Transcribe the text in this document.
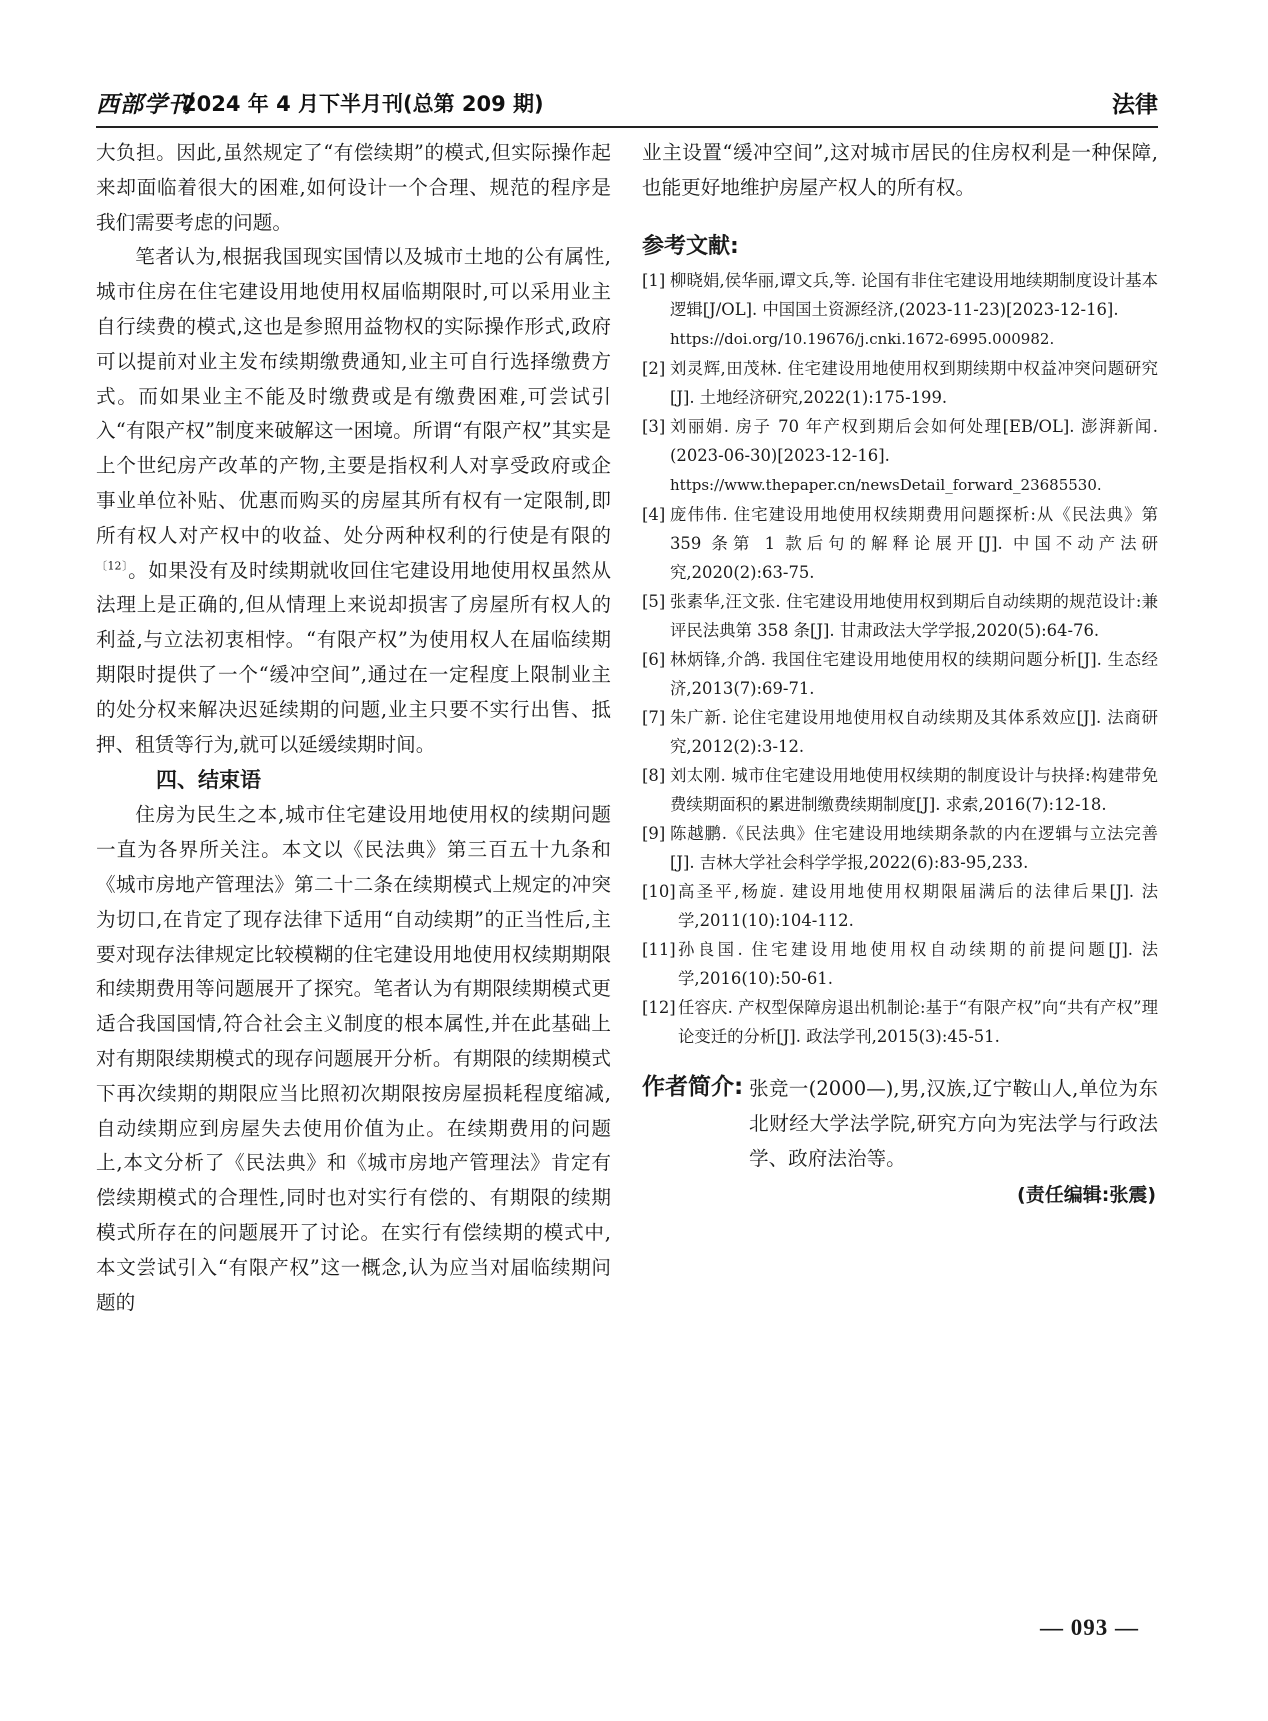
西部学刊
2024 年 4 月下半月刊(总第 209 期)	法律

大负担。因此,虽然规定了“有偿续期”的模式,但实际操作起来却面临着很大的困难,如何设计一个合理、规范的程序是我们需要考虑的问题。

笔者认为,根据我国现实国情以及城市土地的公有属性,城市住房在住宅建设用地使用权届临期限时,可以采用业主自行续费的模式,这也是参照用益物权的实际操作形式,政府可以提前对业主发布续期缴费通知,业主可自行选择缴费方式。而如果业主不能及时缴费或是有缴费困难,可尝试引入“有限产权”制度来破解这一困境。所谓“有限产权”其实是上个世纪房产改革的产物,主要是指权利人对享受政府或企事业单位补贴、优惠而购买的房屋其所有权有一定限制,即所有权人对产权中的收益、处分两种权利的行使是有限的$^{〔12〕}$。如果没有及时续期就收回住宅建设用地使用权虽然从法理上是正确的,但从情理上来说却损害了房屋所有权人的利益,与立法初衷相悖。“有限产权”为使用权人在届临续期期限时提供了一个“缓冲空间”,通过在一定程度上限制业主的处分权来解决迟延续期的问题,业主只要不实行出售、抵押、租赁等行为,就可以延缓续期时间。

四、结束语

住房为民生之本,城市住宅建设用地使用权的续期问题一直为各界所关注。本文以《民法典》第三百五十九条和《城市房地产管理法》第二十二条在续期模式上规定的冲突为切口,在肯定了现存法律下适用“自动续期”的正当性后,主要对现存法律规定比较模糊的住宅建设用地使用权续期期限和续期费用等问题展开了探究。笔者认为有期限续期模式更适合我国国情,符合社会主义制度的根本属性,并在此基础上对有期限续期模式的现存问题展开分析。有期限的续期模式下再次续期的期限应当比照初次期限按房屋损耗程度缩减,自动续期应到房屋失去使用价值为止。在续期费用的问题上,本文分析了《民法典》和《城市房地产管理法》肯定有偿续期模式的合理性,同时也对实行有偿的、有期限的续期模式所存在的问题展开了讨论。在实行有偿续期的模式中,本文尝试引入“有限产权”这一概念,认为应当对届临续期问题的

业主设置“缓冲空间”,这对城市居民的住房权利是一种保障,也能更好地维护房屋产权人的所有权。

参考文献:

[1] 柳晓娟,侯华丽,谭文兵,等. 论国有非住宅建设用地续期制度设计基本逻辑[J/OL]. 中国国土资源经济,(2023-11-23)[2023-12-16].
https://doi.org/10.19676/j.cnki.1672-6995.000982.

[2] 刘灵辉,田茂林. 住宅建设用地使用权到期续期中权益冲突问题研究[J]. 土地经济研究,2022(1):175-199.

[3] 刘丽娟. 房子 70 年产权到期后会如何处理[EB/OL]. 澎湃新闻.(2023-06-30)[2023-12-16].
https://www.thepaper.cn/newsDetail_forward_23685530.

[4] 庞伟伟. 住宅建设用地使用权续期费用问题探析:从《民法典》第 359 条第 1 款后句的解释论展开[J]. 中国不动产法研究,2020(2):63-75.

[5] 张素华,汪文张. 住宅建设用地使用权到期后自动续期的规范设计:兼评民法典第 358 条[J]. 甘肃政法大学学报,2020(5):64-76.

[6] 林炳锋,介鸽. 我国住宅建设用地使用权的续期问题分析[J]. 生态经济,2013(7):69-71.

[7] 朱广新. 论住宅建设用地使用权自动续期及其体系效应[J]. 法商研究,2012(2):3-12.

[8] 刘太刚. 城市住宅建设用地使用权续期的制度设计与抉择:构建带免费续期面积的累进制缴费续期制度[J]. 求索,2016(7):12-18.

[9] 陈越鹏.《民法典》住宅建设用地续期条款的内在逻辑与立法完善[J]. 吉林大学社会科学学报,2022(6):83-95,233.

[10] 高圣平,杨旋. 建设用地使用权期限届满后的法律后果[J]. 法学,2011(10):104-112.

[11] 孙良国. 住宅建设用地使用权自动续期的前提问题[J]. 法学,2016(10):50-61.

[12] 任容庆. 产权型保障房退出机制论:基于“有限产权”向“共有产权”理论变迁的分析[J]. 政法学刊,2015(3):45-51.

作者简介: 张竞一(2000—),男,汉族,辽宁鞍山人,单位为东北财经大学法学院,研究方向为宪法学与行政法学、政府法治等。
(责任编辑:张震)
— 093 —
